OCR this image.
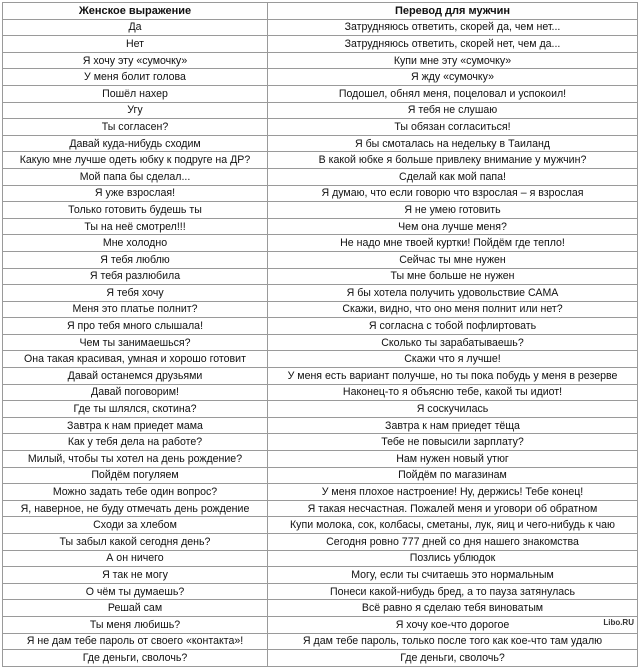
Женское выражение	Перевод для мужчин
Да	Затрудняюсь ответить, скорей да, чем нет...
Нет	Затрудняюсь ответить, скорей нет, чем да...
Я хочу эту «сумочку»	Купи мне эту «сумочку»
У меня болит голова	Я жду «сумочку»
Пошёл нахер	Подошел, обнял меня, поцеловал и успокоил!
Угу	Я тебя не слушаю
Ты согласен?	Ты обязан согласиться!
Давай куда-нибудь сходим	Я бы смоталась на недельку в Таиланд
Какую мне лучше одеть юбку к подруге на ДР?	В какой юбке я больше привлеку внимание у мужчин?
Мой папа бы сделал...	Сделай как мой папа!
Я уже взрослая!	Я думаю, что если говорю что взрослая – я взрослая
Только готовить будешь ты	Я не умею готовить
Ты на неё смотрел!!!	Чем она лучше меня?
Мне холодно	Не надо мне твоей куртки! Пойдём где тепло!
Я тебя люблю	Сейчас ты мне нужен
Я тебя разлюбила	Ты мне больше не нужен
Я тебя хочу	Я бы хотела получить удовольствие САМА
Меня это платье полнит?	Скажи, видно, что оно меня полнит или нет?
Я про тебя много слышала!	Я согласна с тобой пофлиртовать
Чем ты занимаешься?	Сколько ты зарабатываешь?
Она такая красивая, умная и хорошо готовит	Скажи что я лучше!
Давай останемся друзьями	У меня есть вариант получше, но ты пока побудь у меня в резерве
Давай поговорим!	Наконец-то я объясню тебе, какой ты идиот!
Где ты шлялся, скотина?	Я соскучилась
Завтра к нам приедет мама	Завтра к нам приедет тёща
Как у тебя дела на работе?	Тебе не повысили зарплату?
Милый, чтобы ты хотел на день рождение?	Нам нужен новый утюг
Пойдём погуляем	Пойдём по магазинам
Можно задать тебе один вопрос?	У меня плохое настроение! Ну, держись! Тебе конец!
Я, наверное, не буду отмечать день рождение	Я такая несчастная. Пожалей меня и уговори об обратном
Сходи за хлебом	Купи молока, сок, колбасы, сметаны, лук, яиц и чего-нибудь к чаю
Ты забыл какой сегодня день?	Сегодня ровно 777 дней со дня нашего знакомства
А он ничего	Позлись ублюдок
Я так не могу	Могу, если ты считаешь это нормальным
О чём ты думаешь?	Понеси какой-нибудь бред, а то пауза затянулась
Решай сам	Всё равно я сделаю тебя виноватым
Ты меня любишь?	Я хочу кое-что дорогое
Я не дам тебе пароль от своего «контакта»!	Я дам тебе пароль, только после того как кое-что там удалю
Где деньги, сволочь?	Где деньги, сволочь?
Libo.RU
